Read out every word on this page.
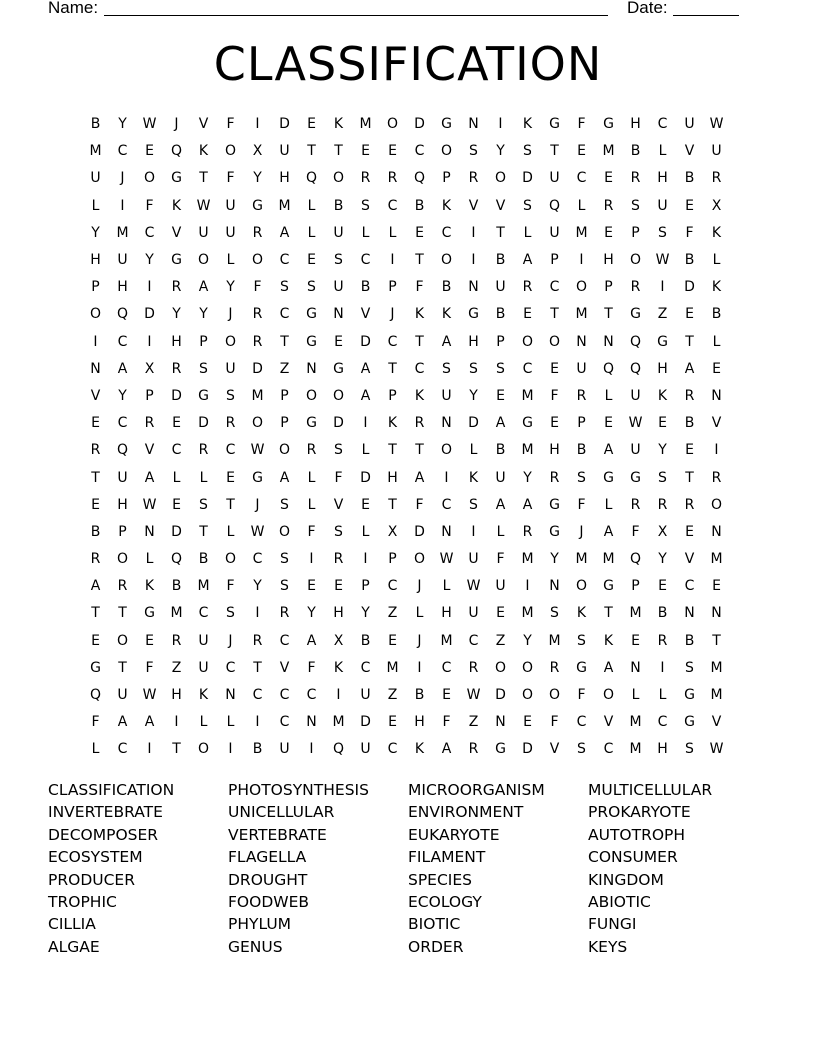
Name:	Date:
CLASSIFICATION
B	Y	W	J	V	F	I	D	E	K	M	O	D	G	N	I	K	G	F	G	H	C	U	W
M	C	E	Q	K	O	X	U	T	T	E	E	C	O	S	Y	S	T	E	M	B	L	V	U
U	J	O	G	T	F	Y	H	Q	O	R	R	Q	P	R	O	D	U	C	E	R	H	B	R
L	I	F	K	W	U	G	M	L	B	S	C	B	K	V	V	S	Q	L	R	S	U	E	X
Y	M	C	V	U	U	R	A	L	U	L	L	E	C	I	T	L	U	M	E	P	S	F	K
H	U	Y	G	O	L	O	C	E	S	C	I	T	O	I	B	A	P	I	H	O	W	B	L
P	H	I	R	A	Y	F	S	S	U	B	P	F	B	N	U	R	C	O	P	R	I	D	K
O	Q	D	Y	Y	J	R	C	G	N	V	J	K	K	G	B	E	T	M	T	G	Z	E	B
I	C	I	H	P	O	R	T	G	E	D	C	T	A	H	P	O	O	N	N	Q	G	T	L
N	A	X	R	S	U	D	Z	N	G	A	T	C	S	S	S	C	E	U	Q	Q	H	A	E
V	Y	P	D	G	S	M	P	O	O	A	P	K	U	Y	E	M	F	R	L	U	K	R	N
E	C	R	E	D	R	O	P	G	D	I	K	R	N	D	A	G	E	P	E	W	E	B	V
R	Q	V	C	R	C	W	O	R	S	L	T	T	O	L	B	M	H	B	A	U	Y	E	I
T	U	A	L	L	E	G	A	L	F	D	H	A	I	K	U	Y	R	S	G	G	S	T	R
E	H	W	E	S	T	J	S	L	V	E	T	F	C	S	A	A	G	F	L	R	R	R	O
B	P	N	D	T	L	W	O	F	S	L	X	D	N	I	L	R	G	J	A	F	X	E	N
R	O	L	Q	B	O	C	S	I	R	I	P	O	W	U	F	M	Y	M	M	Q	Y	V	M
A	R	K	B	M	F	Y	S	E	E	P	C	J	L	W	U	I	N	O	G	P	E	C	E
T	T	G	M	C	S	I	R	Y	H	Y	Z	L	H	U	E	M	S	K	T	M	B	N	N
E	O	E	R	U	J	R	C	A	X	B	E	J	M	C	Z	Y	M	S	K	E	R	B	T
G	T	F	Z	U	C	T	V	F	K	C	M	I	C	R	O	O	R	G	A	N	I	S	M
Q	U	W	H	K	N	C	C	C	I	U	Z	B	E	W	D	O	O	F	O	L	L	G	M
F	A	A	I	L	L	I	C	N	M	D	E	H	F	Z	N	E	F	C	V	M	C	G	V
L	C	I	T	O	I	B	U	I	Q	U	C	K	A	R	G	D	V	S	C	M	H	S	W
CLASSIFICATION	PHOTOSYNTHESIS	MICROORGANISM	MULTICELLULAR
INVERTEBRATE	UNICELLULAR	ENVIRONMENT	PROKARYOTE
DECOMPOSER	VERTEBRATE	EUKARYOTE	AUTOTROPH
ECOSYSTEM	FLAGELLA	FILAMENT	CONSUMER
PRODUCER	DROUGHT	SPECIES	KINGDOM
TROPHIC	FOODWEB	ECOLOGY	ABIOTIC
CILLIA	PHYLUM	BIOTIC	FUNGI
ALGAE	GENUS	ORDER	KEYS
